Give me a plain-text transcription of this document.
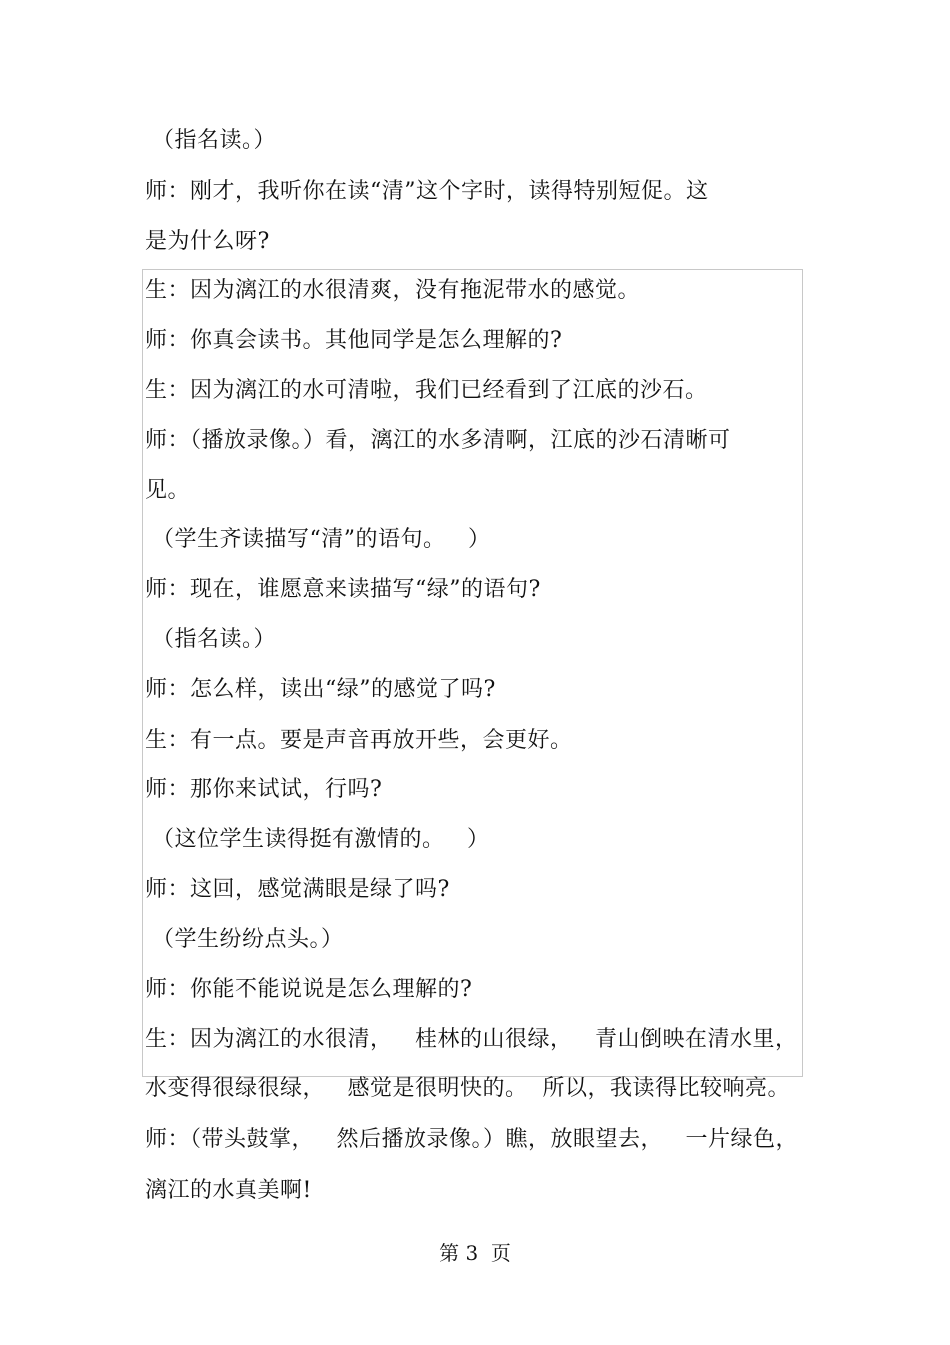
（指名读。）
师：刚才，我听你在读“清”这个字时，读得特别短促。这
是为什么呀?
生：因为漓江的水很清爽，没有拖泥带水的感觉。
师：你真会读书。其他同学是怎么理解的?
生：因为漓江的水可清啦，我们已经看到了江底的沙石。
师：（播放录像。）看，漓江的水多清啊，江底的沙石清晰可
见。
（学生齐读描写“清”的语句。   ）
师：现在，谁愿意来读描写“绿”的语句?
（指名读。）
师：怎么样，读出“绿”的感觉了吗?
生：有一点。要是声音再放开些，会更好。
师：那你来试试，行吗?
（这位学生读得挺有激情的。   ）
师：这回，感觉满眼是绿了吗?
（学生纷纷点头。）
师：你能不能说说是怎么理解的?
生：因为漓江的水很清，   桂林的山很绿，   青山倒映在清水里，
水变得很绿很绿，   感觉是很明快的。  所以，我读得比较响亮。
师：（带头鼓掌，   然后播放录像。）瞧，放眼望去，   一片绿色，
漓江的水真美啊!
第 3  页
